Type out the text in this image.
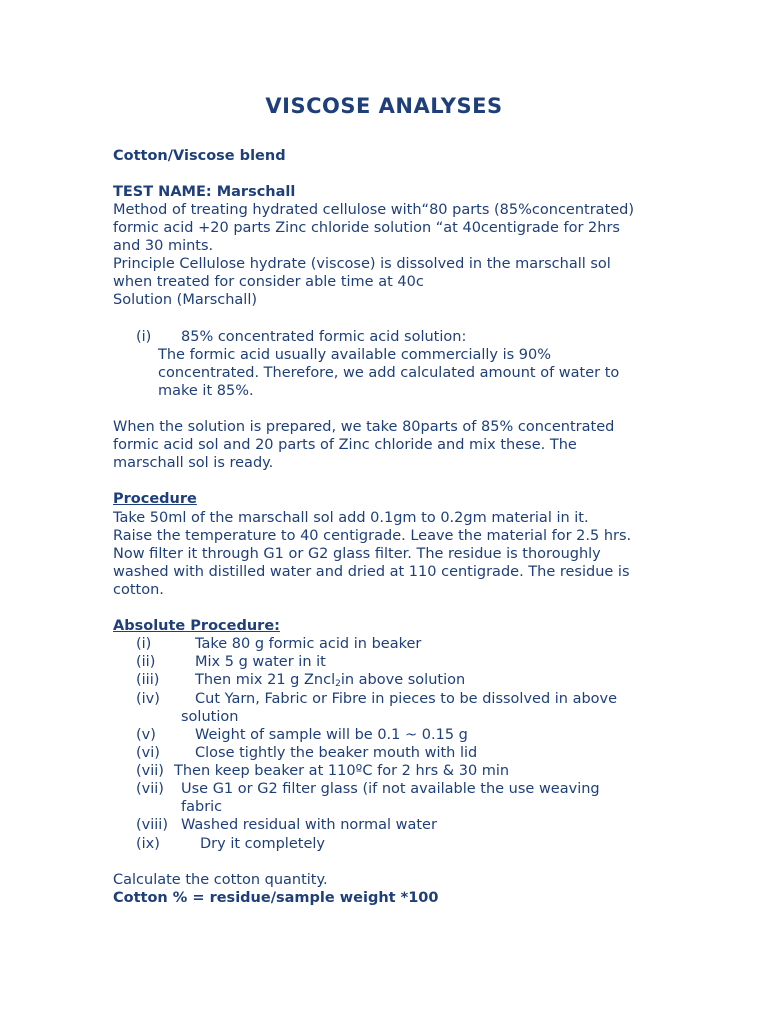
VISCOSE ANALYSES
Cotton/Viscose blend
TEST NAME: Marschall
Method of treating hydrated cellulose with“80 parts (85%concentrated)
formic acid +20 parts Zinc chloride solution “at 40centigrade for 2hrs
and 30 mints.
Principle Cellulose hydrate (viscose) is dissolved in the marschall sol
when treated for consider able time at 40c
Solution (Marschall)
(i) 85% concentrated formic acid solution:
The formic acid usually available commercially is 90%
concentrated. Therefore, we add calculated amount of water to
make it 85%.
When the solution is prepared, we take 80parts of 85% concentrated
formic acid sol and 20 parts of Zinc chloride and mix these. The
marschall sol is ready.
Procedure
Take 50ml of the marschall sol add 0.1gm to 0.2gm material in it.
Raise the temperature to 40 centigrade. Leave the material for 2.5 hrs.
Now filter it through G1 or G2 glass filter. The residue is thoroughly
washed with distilled water and dried at 110 centigrade. The residue is
cotton.
Absolute Procedure:
(i)	Take 80 g formic acid in beaker
(ii)	Mix 5 g water in it
(iii) Then mix 21 g Zncl$_2$in above solution
(iv) Cut Yarn, Fabric or Fibre in pieces to be dissolved in above
solution
(v)	Weight of sample will be 0.1 ~ 0.15 g
(vi) Close tightly the beaker mouth with lid
(vii) Then keep beaker at 110ºC for 2 hrs & 30 min
(vii) Use G1 or G2 filter glass (if not available the use weaving
fabric
(viii) Washed residual with normal water
(ix)	Dry it completely
Calculate the cotton quantity.
Cotton % = residue/sample weight *100
